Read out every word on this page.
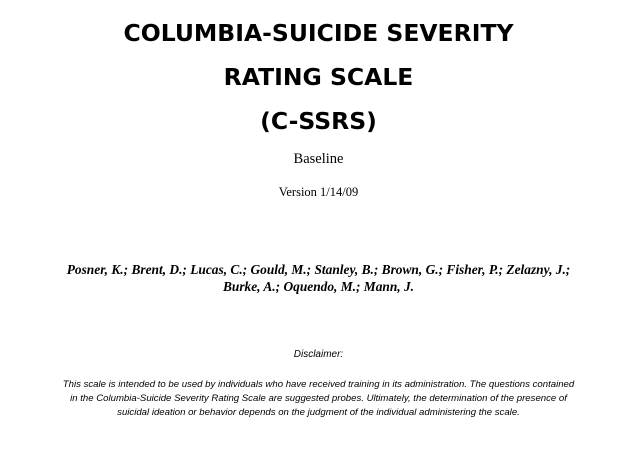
COLUMBIA-SUICIDE SEVERITY
RATING SCALE
(C-SSRS)
Baseline
Version 1/14/09
Posner, K.; Brent, D.; Lucas, C.; Gould, M.; Stanley, B.; Brown, G.; Fisher, P.; Zelazny, J.;
Burke, A.; Oquendo, M.; Mann, J.
Disclaimer:
This scale is intended to be used by individuals who have received training in its administration. The questions contained
in the Columbia-Suicide Severity Rating Scale are suggested probes. Ultimately, the determination of the presence of
suicidal ideation or behavior depends on the judgment of the individual administering the scale.
